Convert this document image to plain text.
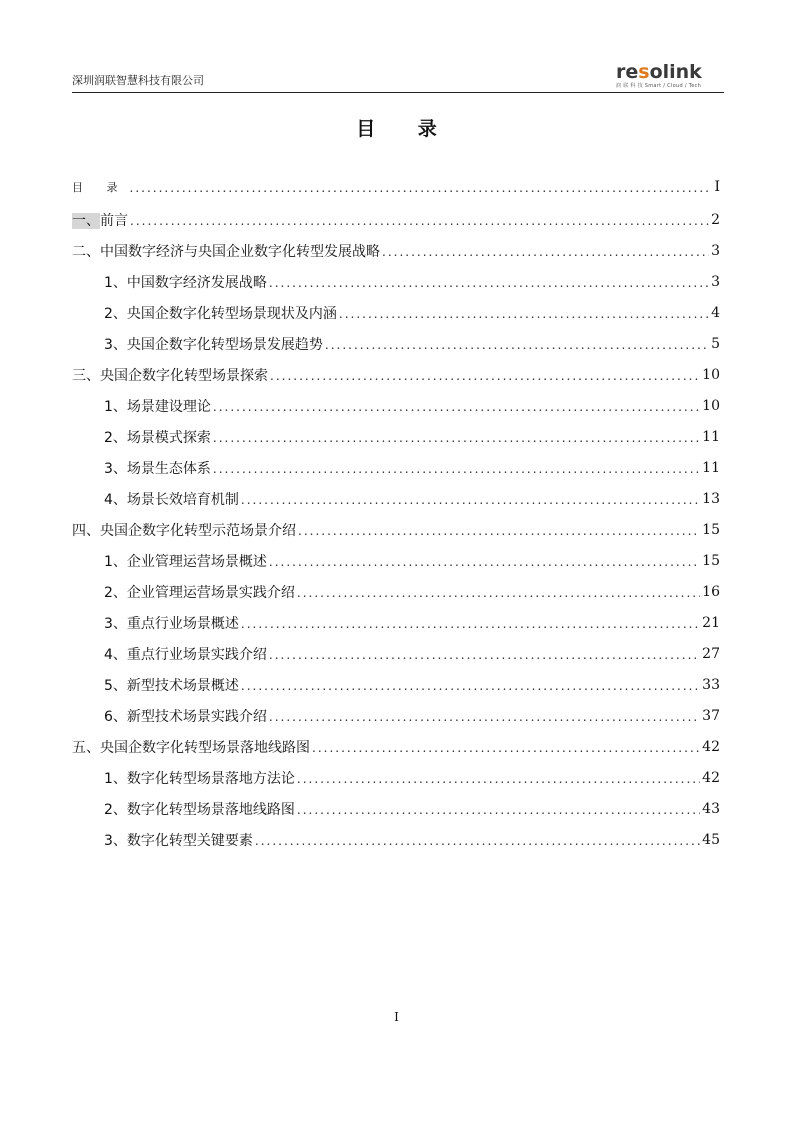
深圳润联智慧科技有限公司	resolink
润 联 科 技 Smart / Cloud / Tech
目 录
目 录 .....	I
一、前言 .....	2
二、中国数字经济与央国企业数字化转型发展战略 .....	3
1、中国数字经济发展战略 .....	3
2、央国企数字化转型场景现状及内涵 .....	4
3、央国企数字化转型场景发展趋势 .....	5
三、央国企数字化转型场景探索 .....	10
1、场景建设理论 .....	10
2、场景模式探索 .....	11
3、场景生态体系 .....	11
4、场景长效培育机制 .....	13
四、央国企数字化转型示范场景介绍 .....	15
1、企业管理运营场景概述 .....	15
2、企业管理运营场景实践介绍 .....	16
3、重点行业场景概述 .....	21
4、重点行业场景实践介绍 .....	27
5、新型技术场景概述 .....	33
6、新型技术场景实践介绍 .....	37
五、央国企数字化转型场景落地线路图 .....	42
1、数字化转型场景落地方法论 .....	42
2、数字化转型场景落地线路图 .....	43
3、数字化转型关键要素 .....	45
I
